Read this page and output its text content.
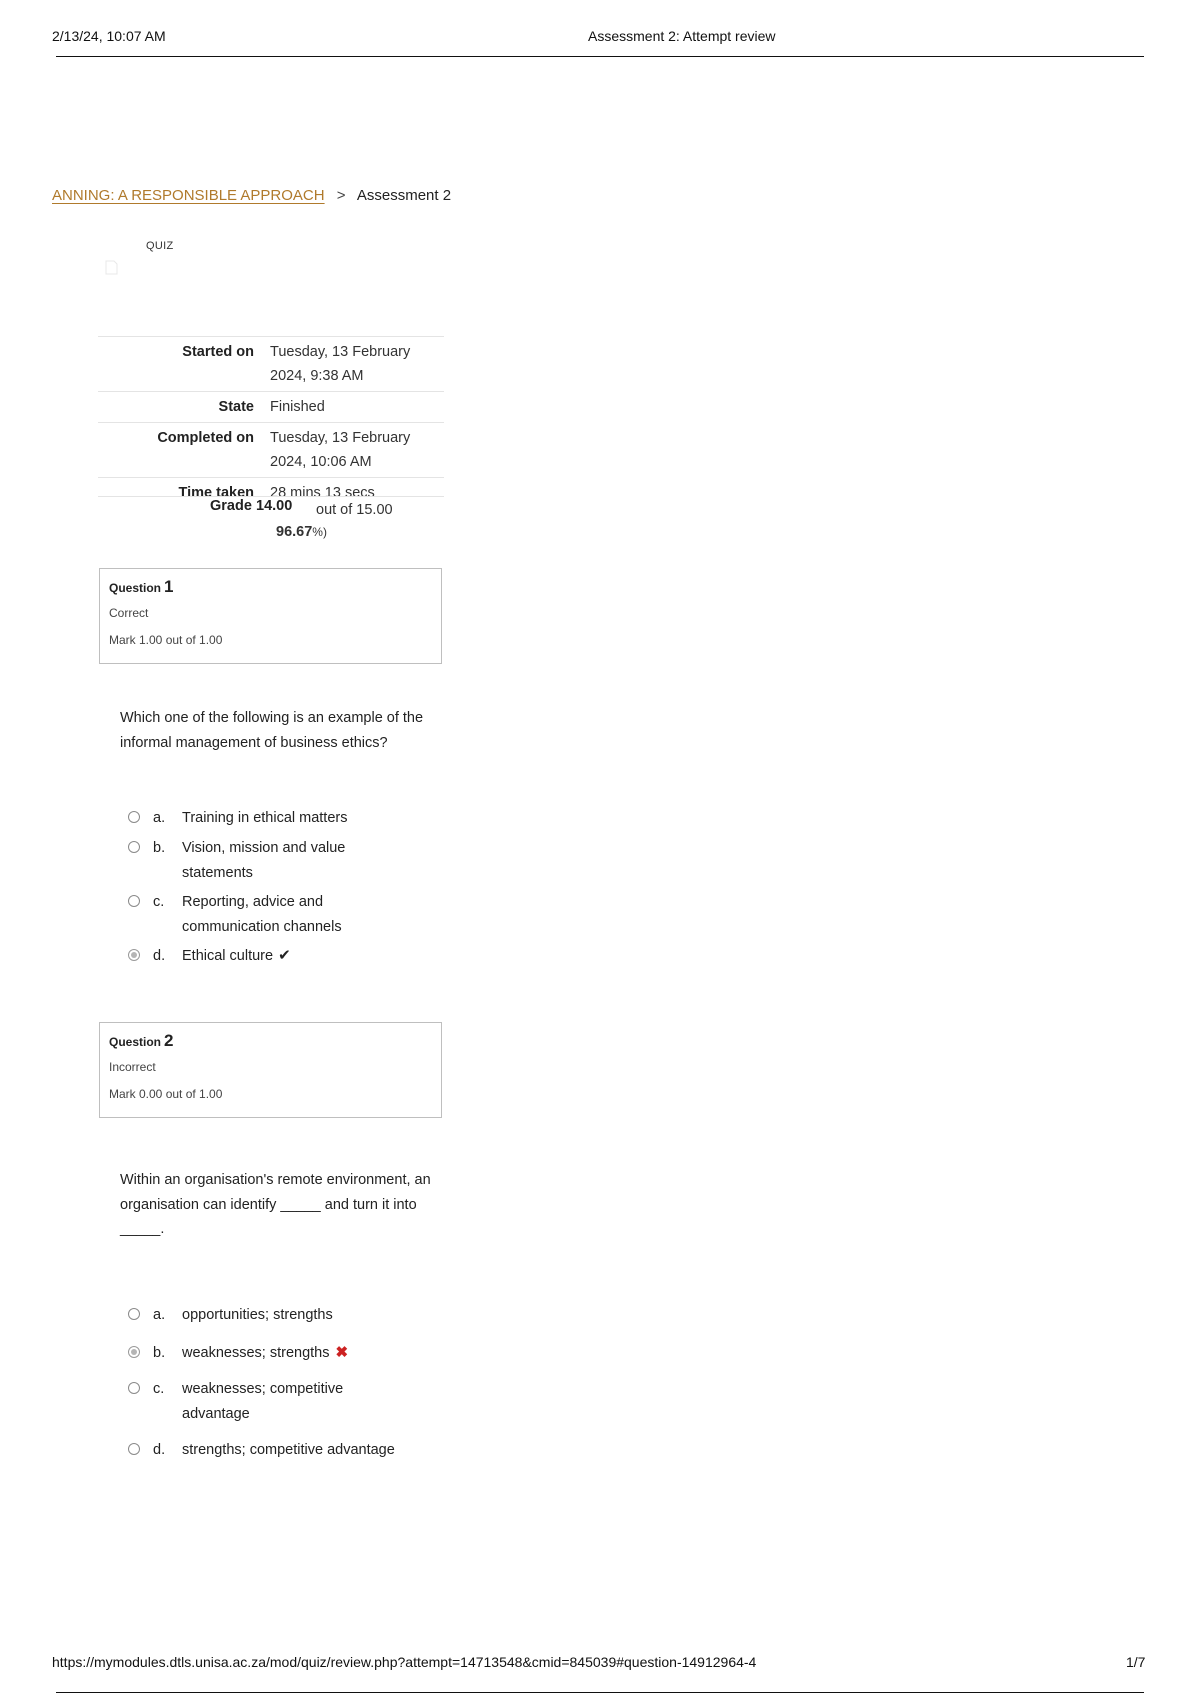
2/13/24, 10:07 AM	Assessment 2: Attempt review
ANNING: A RESPONSIBLE APPROACH > Assessment 2
QUIZ
Started on	Tuesday, 13 February 2024, 9:38 AM
State	Finished
Completed on	Tuesday, 13 February 2024, 10:06 AM
Time taken	28 mins 13 secs
Grade 14.00 out of 15.00
96.67%)
Question 1
Correct
Mark 1.00 out of 1.00
Which one of the following is an example of the informal management of business ethics?
a. Training in ethical matters
b. Vision, mission and value statements
c. Reporting, advice and communication channels
d. Ethical culture ✔
Question 2
Incorrect
Mark 0.00 out of 1.00
Within an organisation's remote environment, an organisation can identify _____ and turn it into _____.
a. opportunities; strengths
b. weaknesses; strengths ✖
c. weaknesses; competitive advantage
d. strengths; competitive advantage
https://mymodules.dtls.unisa.ac.za/mod/quiz/review.php?attempt=14713548&cmid=845039#question-14912964-4	1/7
